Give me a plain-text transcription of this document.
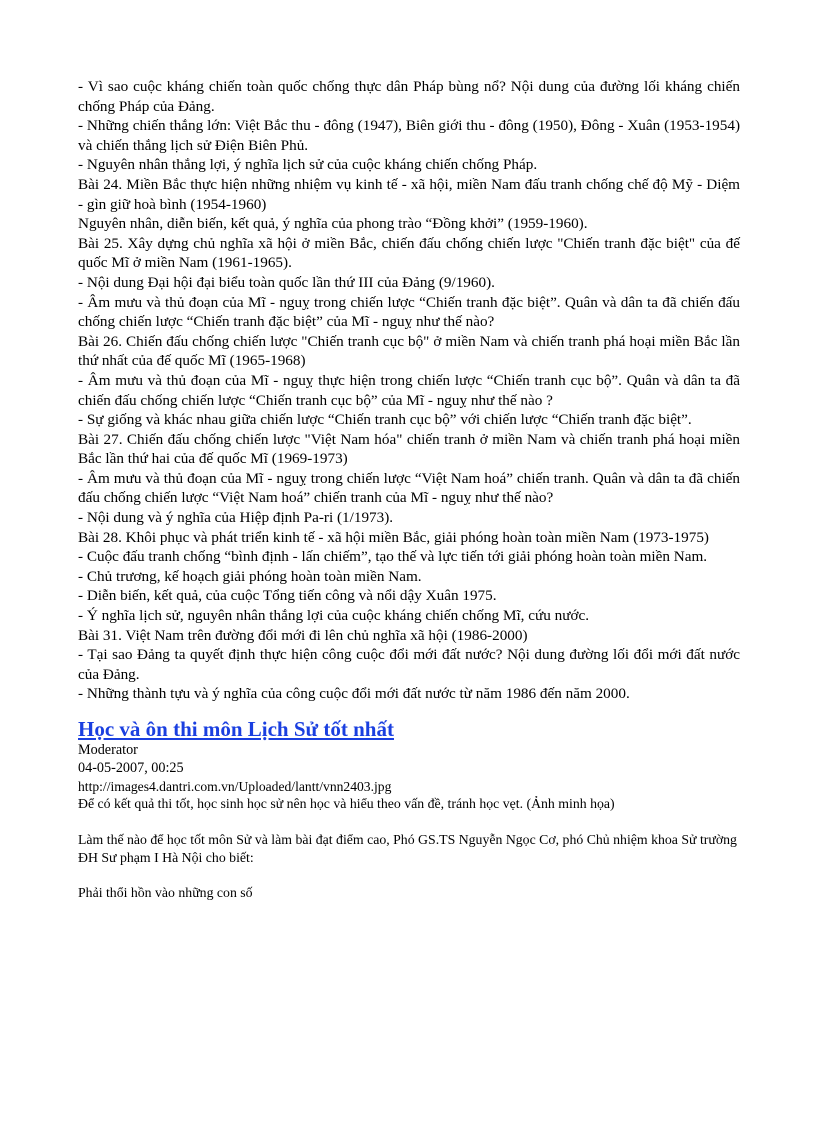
- Vì sao cuộc kháng chiến toàn quốc chống thực dân Pháp bùng nổ? Nội dung của đường lối kháng chiến chống Pháp của Đảng.

- Những chiến thắng lớn: Việt Bắc thu - đông (1947), Biên giới thu - đông (1950), Đông - Xuân (1953-1954) và chiến thắng lịch sử Điện Biên Phủ.

- Nguyên nhân thắng lợi, ý nghĩa lịch sử của cuộc kháng chiến chống Pháp.

Bài 24. Miền Bắc thực hiện những nhiệm vụ kinh tế - xã hội, miền Nam đấu tranh chống chế độ Mỹ - Diệm - gìn giữ hoà bình (1954-1960)

Nguyên nhân, diễn biến, kết quả, ý nghĩa của phong trào “Đồng khởi” (1959-1960).

Bài 25. Xây dựng chủ nghĩa xã hội ở miền Bắc, chiến đấu chống chiến lược "Chiến tranh đặc biệt" của đế quốc Mĩ ở miền Nam (1961-1965).

- Nội dung Đại hội đại biểu toàn quốc lần thứ III của Đảng (9/1960).

- Âm mưu và thủ đoạn của Mĩ - nguỵ trong chiến lược “Chiến tranh đặc biệt”. Quân và dân ta đã chiến đấu chống chiến lược “Chiến tranh đặc biệt” của Mĩ - nguỵ như thế nào?

Bài 26. Chiến đấu chống chiến lược "Chiến tranh cục bộ" ở miền Nam và chiến tranh phá hoại miền Bắc lần thứ nhất của đế quốc Mĩ (1965-1968)

- Âm mưu và thủ đoạn của Mĩ - nguỵ thực hiện trong chiến lược “Chiến tranh cục bộ”. Quân và dân ta đã chiến đấu chống chiến lược “Chiến tranh cục bộ” của Mĩ - nguỵ như thế nào ?

- Sự giống và khác nhau giữa chiến lược “Chiến tranh cục bộ” với chiến lược “Chiến tranh đặc biệt”.

Bài 27. Chiến đấu chống chiến lược "Việt Nam hóa" chiến tranh ở miền Nam và chiến tranh phá hoại miền Bắc lần thứ hai của đế quốc Mĩ (1969-1973)

- Âm mưu và thủ đoạn của Mĩ - nguỵ trong chiến lược “Việt Nam hoá” chiến tranh. Quân và dân ta đã chiến đấu chống chiến lược “Việt Nam hoá” chiến tranh của Mĩ - nguỵ như thế nào?

- Nội dung và ý nghĩa của Hiệp định Pa-ri (1/1973).

Bài 28. Khôi phục và phát triển kinh tế - xã hội miền Bắc, giải phóng hoàn toàn miền Nam (1973-1975)

- Cuộc đấu tranh chống “bình định - lấn chiếm”, tạo thế và lực tiến tới giải phóng hoàn toàn miền Nam.

- Chủ trương, kế hoạch giải phóng hoàn toàn miền Nam.

- Diễn biến, kết quả, của cuộc Tổng tiến công và nổi dậy Xuân 1975.

- Ý nghĩa lịch sử, nguyên nhân thắng lợi của cuộc kháng chiến chống Mĩ, cứu nước.

Bài 31. Việt Nam trên đường đổi mới đi lên chủ nghĩa xã hội (1986-2000)

- Tại sao Đảng ta quyết định thực hiện công cuộc đổi mới đất nước? Nội dung đường lối đổi mới đất nước của Đảng.

- Những thành tựu và ý nghĩa của công cuộc đổi mới đất nước từ năm 1986 đến năm 2000.

Học và ôn thi môn Lịch Sử tốt nhất

Moderator

04-05-2007, 00:25

http://images4.dantri.com.vn/Uploaded/lantt/vnn2403.jpg

Để có kết quả thi tốt, học sinh học sử nên học và hiểu theo vấn đề, tránh học vẹt. (Ảnh minh họa)

Làm thế nào để học tốt môn Sử và làm bài đạt điểm cao, Phó GS.TS Nguyễn Ngọc Cơ, phó Chủ nhiệm khoa Sử trường ĐH Sư phạm I Hà Nội cho biết:

Phải thổi hồn vào những con số
